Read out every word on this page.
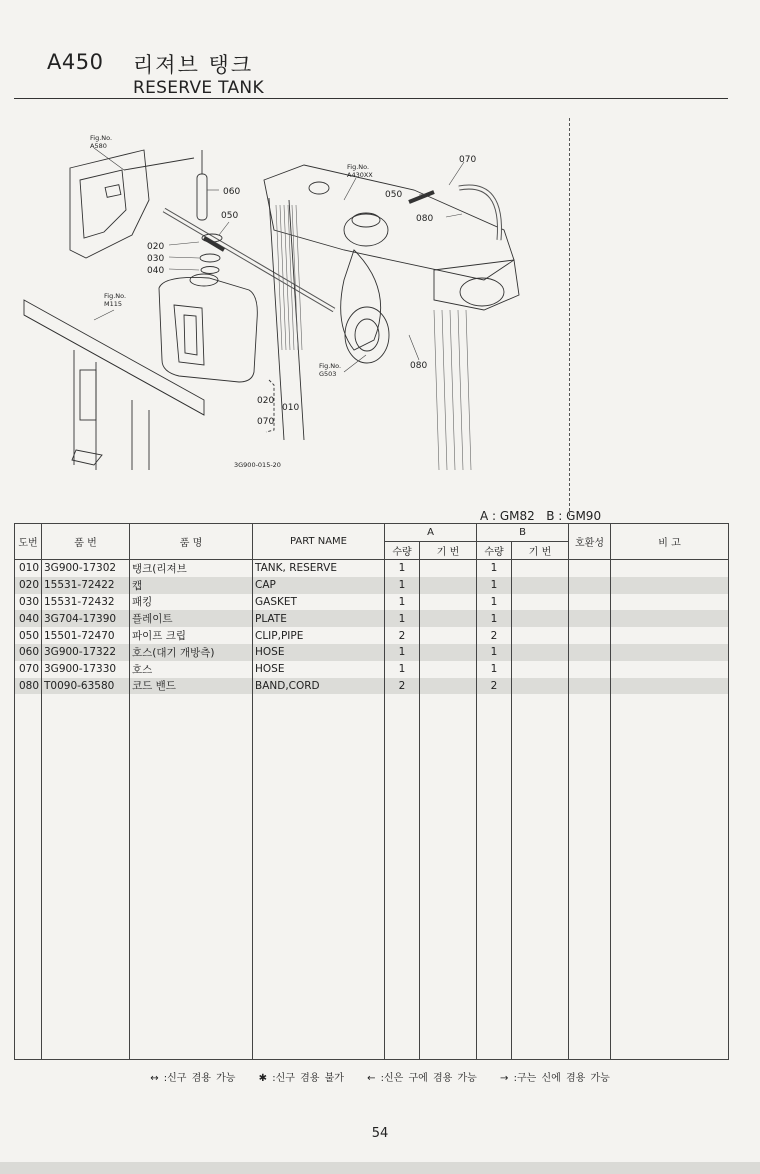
A450 리져브 탱크
RESERVE TANK
070
050
080
060
050
020
030
040
020
010
070
080
Fig.No.
A580
Fig.No.
A430XX
Fig.No.
M115
Fig.No.
G503
3G900-015-20
A : GM82   B : GM90
도번	품 번	품 명	PART NAME	A		B		호환성	비 고
				수량	기 번	수량	기 번		
010	3G900-17302	탱크(리져브	TANK, RESERVE	1		1			
020	15531-72422	캡	CAP	1		1			
030	15531-72432	패킹	GASKET	1		1			
040	3G704-17390	플레이트	PLATE	1		1			
050	15501-72470	파이프 크립	CLIP,PIPE	2		2			
060	3G900-17322	호스(대기 개방측)	HOSE	1		1			
070	3G900-17330	호스	HOSE	1		1			
080	T0090-63580	코드 밴드	BAND,CORD	2		2			

↔ :신구 겸용 가능 ✱ :신구 겸용 불가 ← :신은 구에 겸용 가능 → :구는 신에 겸용 가능
54
